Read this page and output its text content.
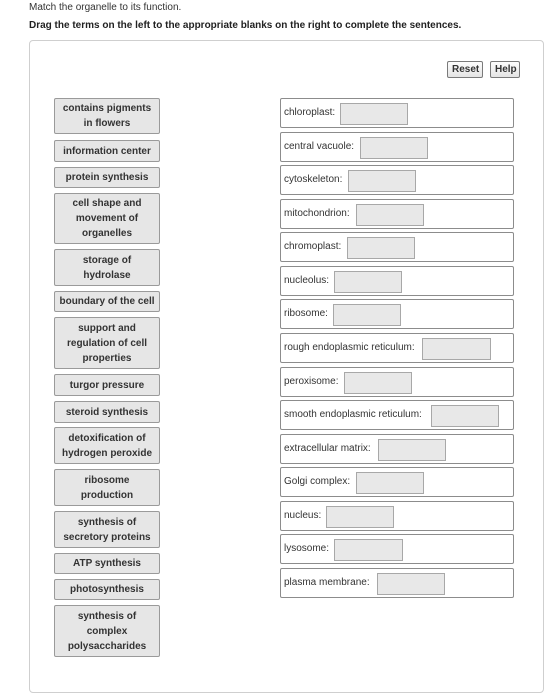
Match the organelle to its function.
Drag the terms on the left to the appropriate blanks on the right to complete the sentences.
Reset	Help
contains pigments in flowers
information center
protein synthesis
cell shape and movement of organelles
storage of hydrolase
boundary of the cell
support and regulation of cell properties
turgor pressure
steroid synthesis
detoxification of hydrogen peroxide
ribosome production
synthesis of secretory proteins
ATP synthesis
photosynthesis
synthesis of complex polysaccharides
chloroplast:
central vacuole:
cytoskeleton:
mitochondrion:
chromoplast:
nucleolus:
ribosome:
rough endoplasmic reticulum:
peroxisome:
smooth endoplasmic reticulum:
extracellular matrix:
Golgi complex:
nucleus:
lysosome:
plasma membrane:
